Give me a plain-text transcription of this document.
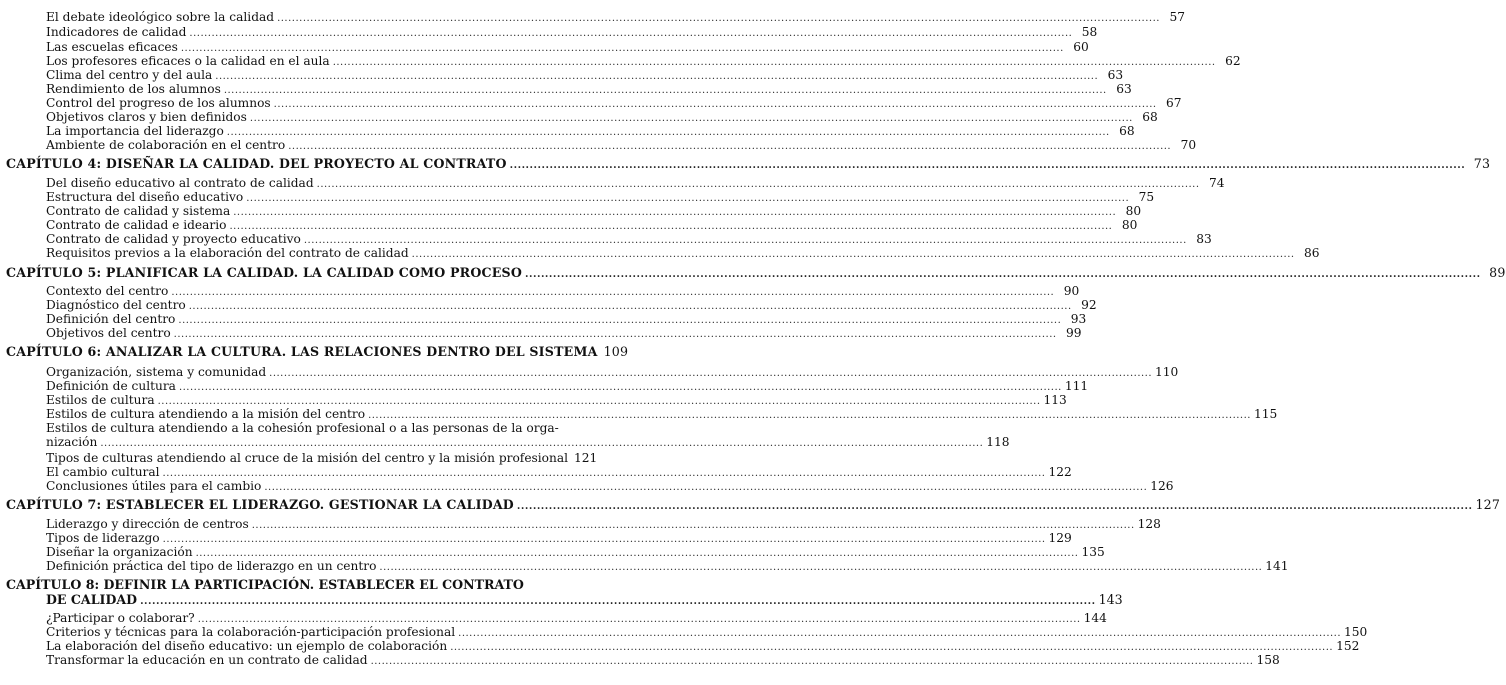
El debate ideológico sobre la calidad .....	57
Indicadores de calidad .....	58
Las escuelas eficaces .....	60
Los profesores eficaces o la calidad en el aula .....	62
Clima del centro y del aula .....	63
Rendimiento de los alumnos .....	63
Control del progreso de los alumnos .....	67
Objetivos claros y bien definidos .....	68
La importancia del liderazgo .....	68
Ambiente de colaboración en el centro .....	70
CAPÍTULO 4: DISEÑAR LA CALIDAD. DEL PROYECTO AL CONTRATO .....	73
Del diseño educativo al contrato de calidad .....	74
Estructura del diseño educativo .....	75
Contrato de calidad y sistema .....	80
Contrato de calidad e ideario .....	80
Contrato de calidad y proyecto educativo .....	83
Requisitos previos a la elaboración del contrato de calidad .....	86
CAPÍTULO 5: PLANIFICAR LA CALIDAD. LA CALIDAD COMO PROCESO .....	89
Contexto del centro .....	90
Diagnóstico del centro .....	92
Definición del centro .....	93
Objetivos del centro .....	99
CAPÍTULO 6: ANALIZAR LA CULTURA. LAS RELACIONES DENTRO DEL SISTEMA 109
Organización, sistema y comunidad .....	110
Definición de cultura .....	111
Estilos de cultura .....	113
Estilos de cultura atendiendo a la misión del centro .....	115
Estilos de cultura atendiendo a la cohesión profesional o a las personas de la orga-
nización .....	118
Tipos de culturas atendiendo al cruce de la misión del centro y la misión profesional 121
El cambio cultural .....	122
Conclusiones útiles para el cambio .....	126
CAPÍTULO 7: ESTABLECER EL LIDERAZGO. GESTIONAR LA CALIDAD .....	127
Liderazgo y dirección de centros .....	128
Tipos de liderazgo .....	129
Diseñar la organización .....	135
Definición práctica del tipo de liderazgo en un centro .....	141
CAPÍTULO 8: DEFINIR LA PARTICIPACIÓN. ESTABLECER EL CONTRATO
DE CALIDAD .....	143
¿Participar o colaborar? .....	144
Criterios y técnicas para la colaboración-participación profesional .....	150
La elaboración del diseño educativo: un ejemplo de colaboración .....	152
Transformar la educación en un contrato de calidad .....	158
